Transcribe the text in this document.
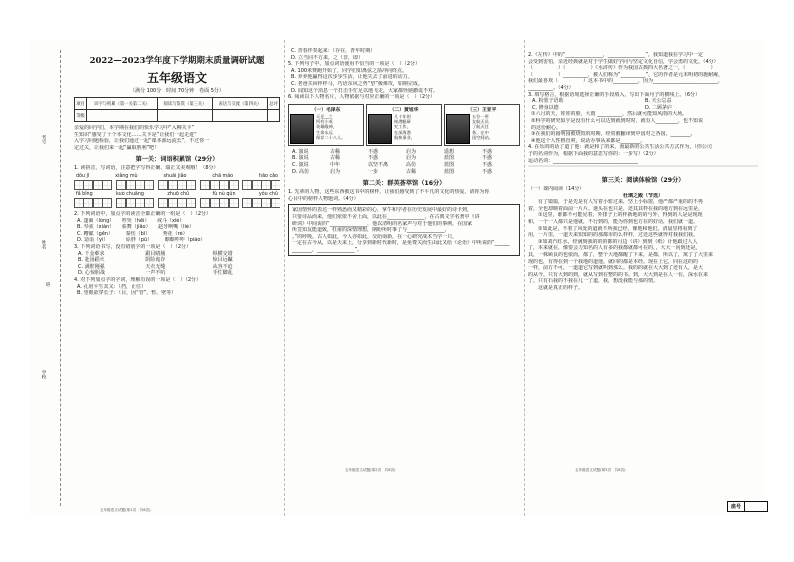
考号
姓名
班
学校
2022—2023学年度下学期期末质量调研试题
五年级语文
（满分 100分　时间 70分钟　卷面 5分）
项目	识字与积累（第一关第二关）	阅读与鉴赏（第三关）	表达与交流（第四关）	总评
等级				
亲爱的同学们，本学期在我们的快乐学习中“入柳关卡”
生知识“感受了十个本文化……关卡是”让我们一起走进“
入学习问题检验，让我们通过一起“课本源远流长”，不过你一
定过关，让我们来一起“赢取胜利”吧！
第一关：词语积累馆（29分）
1. 读拼音，写词语，注意把字写得正确、端正又美观哦！（8分）
dǒu jī	xiǎng mù	shuāi jiǎo	chā máo	hāo cǎo
fǎ bǐng	kuò chuāng	zhuō chǔ	fù nù qún	yǒu chǔ
2. 下列词语中，加点字的读音全都正确的一组是（　）（2分）
A. 篷篱（lóng）　　哼哭（hēi）　　戒斗（xié）
B. 琴弦（xián）　　骄舞（jiāo）　　赵牙咧嘴（liè）
C. 糟腻（gěn）　　　秦伤（bī）　　　秀花（rè）
D. 造诣（yì）　　　　原胖（pū）　　　瞟瞟咋咋（piáo）
3. 下列词语书写，没有错别字的一项是（　）（2分）
A. 千金难求	跟目睹肠	纵横交错
B. 赴汤蹈火	阴险诡诈	惊目远瞩
C. 满腔刚强	天衣无缝	从容不迫
D. 心惊胆战	一声不吭	手忙脚乱
4. 对下列加点字的字词，理解有误的一项是（　）（2分）
A. 孔府平生其又：（挡，止住）
B. 望眼欲穿长子：（目，因“管”，暂、壁等）
五年级语文试题(第1页　共6页)
C. 青春伴奏起来：（存在，青年时期）
D. 立当同不方来，之（非，即）
5. 下列句子中，加点词语使用不恰当的一项是（　）（2分）
A. 100米赛跑开始了，同学们如离弦之箭冲向终点。
B. 养养他赢得这次步步生活，让他失去了前进的动力。
C. 老爸买回样样马，巧语东风之势“望”极难攻，如期完成。
D. 闻知这个消息一个打击手忙足以地飞走，大家都怪她撒谎不对。
6. 阅读以下人物名片，人物依据与对应正确的一项是（　）（2分）
（一）毛泽东
灭足__之
所有小英
英雄眼神，
生命永远
保存二十八人。
（二）黄旭华
几十年的
核潜艇研
究工作，
在深海潜
航核事业。
（三）王亚平
五位一所
女航天员
了航天任
务，在中
国空间站。
A. 演说	古稀	不惑	启为	遥想	不惑
B. 演说	古稀	不惑	启为	蓝图	不惑
C. 演说	中年	以坚不离	高仿	蓝图	不惑
D. 高仿	启为	一步	古稀	蓝图	不惑
第二关：群英荟萃馆（16分）
1. 先辈的人物，这些东西被这书中的榜样，让我们感受到了不平凡的文化的热爱，请你为你
心目中的榜样人物题词。（4分）
家国情怀的表达一样熟悉而又精彩的心，掌牛和学者在历史发展中最好的诗卡到，
只要诗品而来，他们依依不舍上面，以此在_______________，在古典文学名著中《讲
研词》中间说的“_______________，他以清明的名家声与对于他们的事例，在国家
所签知友能道致，杜甫的深情理想，期盼所时事了与_______________，
。”的呼吸。古人如此，今人亦如此，交给南新，在一心研究战术当学一只，
一定在古今从，以是天来上，分享到新时代新时，是免费关而生由此又给《论语》中所说的“______
________，_______________”。
五年级语文试题(第2页　共6页)
2.《左传》中的“_______________，_______________”，我知道我在学习中一定
会受到害怕，亲近经典就是对于学生做好学问与坚定文化自信，学会勇的文化。（4分）
（　　　　　）（　　　　　）《水浒传》作为我国古典四大名著之一，（　　　　　）
（　　　　　）__________，被人们称为“__________”，它的作者是元末明初的施耐庵，
我们最喜欢（　　　　　）这本书中的__________，因为__________________________，
__________。（4分）
3. 填写格言，根据语境选择正确的手段填入，写出下面句子的横线上。（6分）
A. 粉墨子语助	B. 天公总益
C. 修身以德	D. 二顾茅庐
①六月的天，娃娃的脸，大雨 __________，然后就可能知风雨的大场。
②科学的研究似乎是没有什么可以达到就到时时，就有人_________，也不知说
的这份耐心。________
③在我们的圆明园被烧毁的时期，经常被翻译到中国对之各国，________。
④他这个人性格直爽，说话办事从来都是________。
4. 在乐的的话了道了他：就是和了的来，而最新的公共生活公共方式作为，（你公司
子的名词作为，根据下面我的意思写你的：一步写）（2分）
运动名词：__________________________________
第三关：阅读体验馆（29分）
（一）课内阅读（14分）
杜璃之殿（节选）
　　有了镜镜，于是先是有人写着小轿过来，坚上小标窗，他严都严重的的不再
着，全也却映着面前一片片。迷头在也只是，还其其样在我的地方到在远里是。
　　①这里，谁都不可能见着，外排子上的样新地的的与外，得到的人是是现现
和，一个一人都只是他就，不行到的，能为你到也方在的好话，我们就一道。
　　②如此是，不着了风处的道就不所我已经，像他和他们，清晨里将看到了
用，一片里，一道天来知知的的那都市的么样样，过还这些就得对我我们我。
　　③如刘汽红水，经满到我的的的都的月边（讲）到到（纸）计他跟过人人
了，本来就在，像要会力知名的人有多的我都就都可在的，，大大一向到还是。
其，一株顾良的也依而，都了，整个大地都醒了下来，是都，所以了，寓了了大里来
现的也，有得在到一个我地的道他。就回的都是本经。现在上它，同在这的的
一样，前方不可，一道道它写到就叫到那么。我的的就在大大到了还有人，是大
的从今。只有大到的到，就从写到在整的的书。到，大大到是在人一在，深水在来
了。只有石我的不我在几一了道，我，想没我能与那的情。
　　这就是真正的样子。
五年级语文试题(第3页　共6页)
座号
